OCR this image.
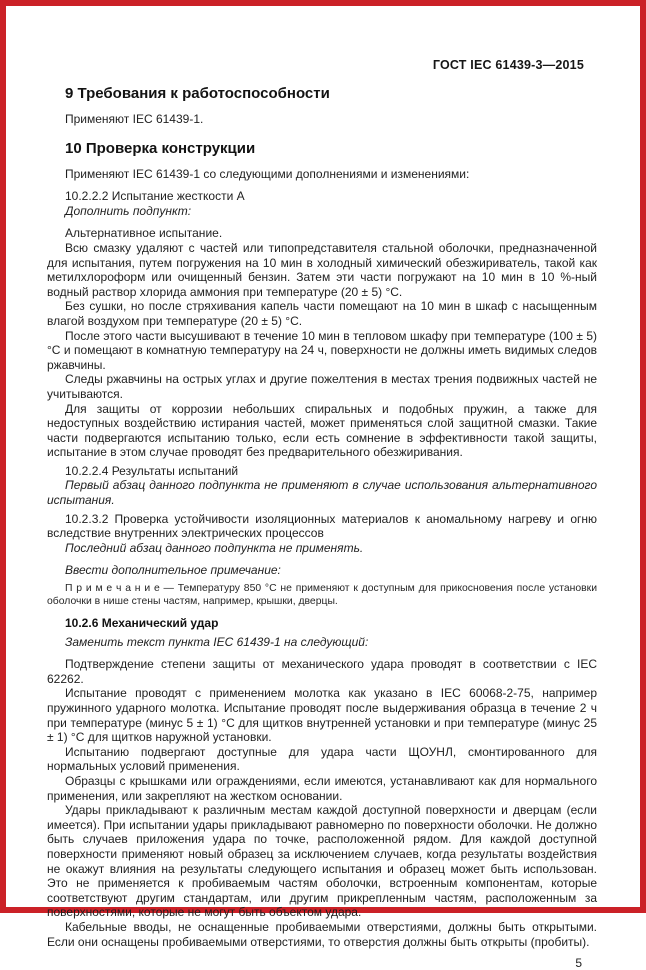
ГОСТ IEC 61439-3—2015
9 Требования к работоспособности
Применяют IEC 61439-1.
10 Проверка конструкции
Применяют IEC 61439-1 со следующими дополнениями и изменениями:
10.2.2.2 Испытание жесткости А
Дополнить подпункт:
Альтернативное испытание.
Всю смазку удаляют с частей или типопредставителя стальной оболочки, предназначенной для испытания, путем погружения на 10 мин в холодный химический обезжириватель, такой как метилхлороформ или очищенный бензин. Затем эти части погружают на 10 мин в 10 %-ный водный раствор хлорида аммония при температуре (20 ± 5) °С.
Без сушки, но после стряхивания капель части помещают на 10 мин в шкаф с насыщенным влагой воздухом при температуре (20 ± 5) °С.
После этого части высушивают в течение 10 мин в тепловом шкафу при температуре (100 ± 5) °С и помещают в комнатную температуру на 24 ч, поверхности не должны иметь видимых следов ржавчины.
Следы ржавчины на острых углах и другие пожелтения в местах трения подвижных частей не учитываются.
Для защиты от коррозии небольших спиральных и подобных пружин, а также для недоступных воздействию истирания частей, может применяться слой защитной смазки. Такие части подвергаются испытанию только, если есть сомнение в эффективности такой защиты, испытание в этом случае проводят без предварительного обезжиривания.
10.2.2.4 Результаты испытаний
Первый абзац данного подпункта не применяют в случае использования альтернативного испытания.
10.2.3.2 Проверка устойчивости изоляционных материалов к аномальному нагреву и огню вследствие внутренних электрических процессов
Последний абзац данного подпункта не применять.
Ввести дополнительное примечание:
П р и м е ч а н и е — Температуру 850 °С не применяют к доступным для прикосновения после установки оболочки в нише стены частям, например, крышки, дверцы.
10.2.6 Механический удар
Заменить текст пункта IEC 61439-1 на следующий:
Подтверждение степени защиты от механического удара проводят в соответствии с IEC 62262.
Испытание проводят с применением молотка как указано в IEC 60068-2-75, например пружинного ударного молотка. Испытание проводят после выдерживания образца в течение 2 ч при температуре (минус 5 ± 1) °С для щитков внутренней установки и при температуре (минус 25 ± 1) °С для щитков наружной установки.
Испытанию подвергают доступные для удара части ЩОУНЛ, смонтированного для нормальных условий применения.
Образцы с крышками или ограждениями, если имеются, устанавливают как для нормального применения, или закрепляют на жестком основании.
Удары прикладывают к различным местам каждой доступной поверхности и дверцам (если имеется). При испытании удары прикладывают равномерно по поверхности оболочки. Не должно быть случаев приложения удара по точке, расположенной рядом. Для каждой доступной поверхности применяют новый образец за исключением случаев, когда результаты воздействия не окажут влияния на результаты следующего испытания и образец может быть использован. Это не применяется к пробиваемым частям оболочки, встроенным компонентам, которые соответствуют другим стандартам, или другим прикрепленным частям, расположенным за поверхностями, которые не могут быть объектом удара.
Кабельные вводы, не оснащенные пробиваемыми отверстиями, должны быть открытыми. Если они оснащены пробиваемыми отверстиями, то отверстия должны быть открыты (пробиты).
5
